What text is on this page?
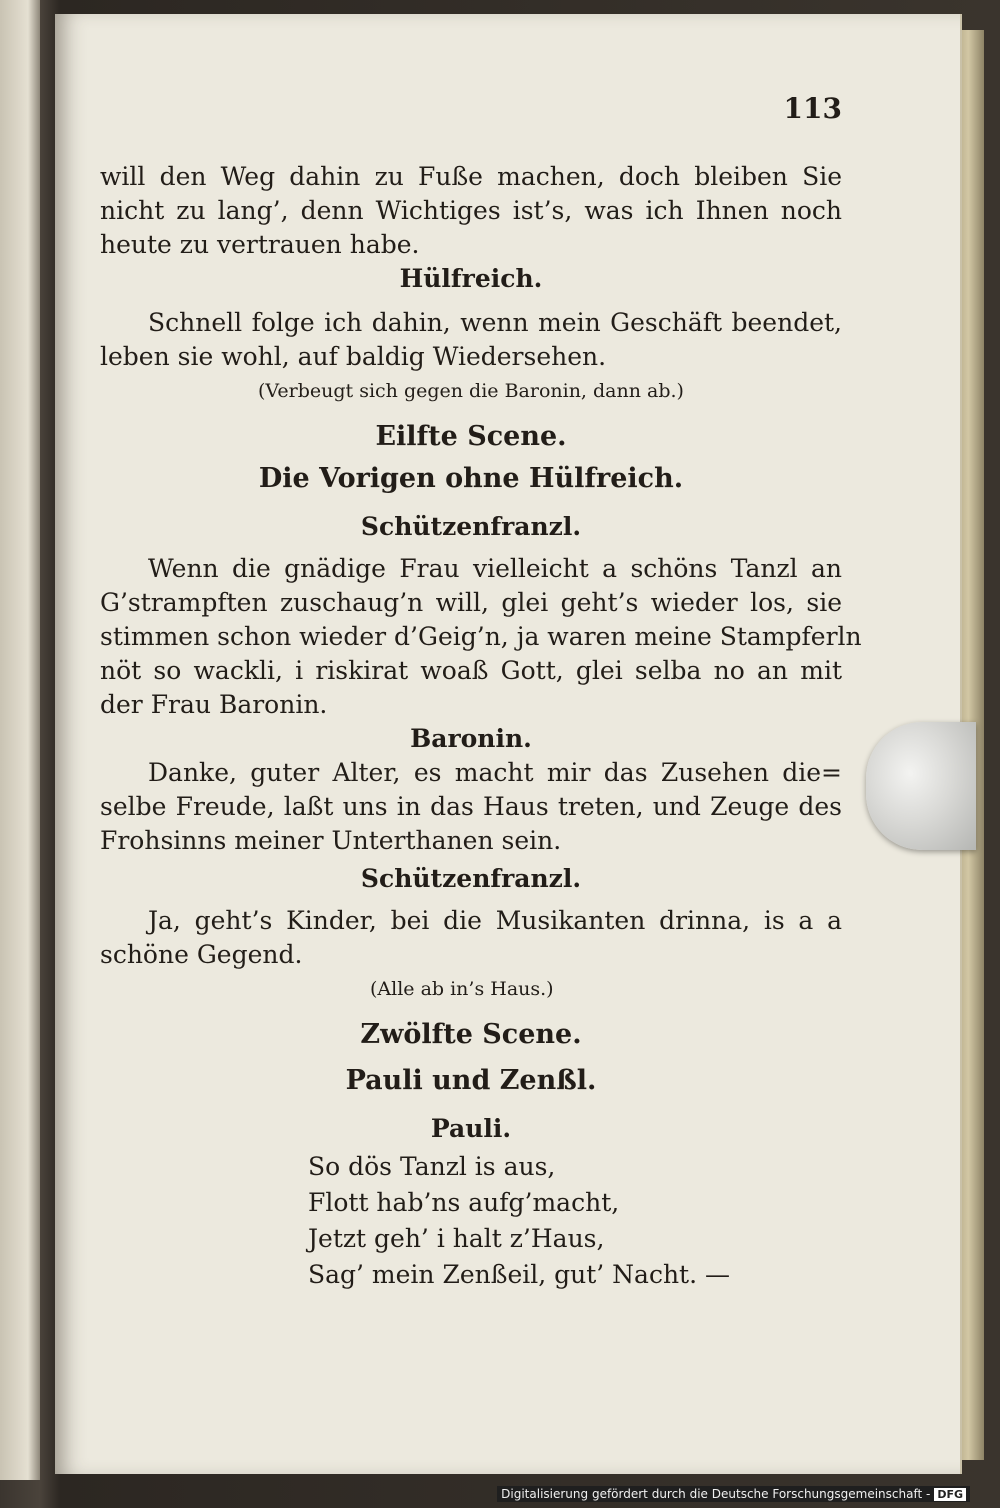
113
will den Weg dahin zu Fuße machen, doch bleiben Sie
nicht zu lang’, denn Wichtiges ist’s, was ich Ihnen noch
heute zu vertrauen habe.
Hülfreich.
Schnell folge ich dahin, wenn mein Geschäft beendet,
leben sie wohl, auf baldig Wiedersehen.
(Verbeugt sich gegen die Baronin, dann ab.)
Eilfte Scene.
Die Vorigen ohne Hülfreich.
Schützenfranzl.
Wenn die gnädige Frau vielleicht a schöns Tanzl an
G’strampften zuschaug’n will, glei geht’s wieder los, sie
stimmen schon wieder d’Geig’n, ja waren meine Stampferln
nöt so wackli, i riskirat woaß Gott, glei selba no an mit
der Frau Baronin.
Baronin.
Danke, guter Alter, es macht mir das Zusehen die=
selbe Freude, laßt uns in das Haus treten, und Zeuge des
Frohsinns meiner Unterthanen sein.
Schützenfranzl.
Ja, geht’s Kinder, bei die Musikanten drinna, is a a
schöne Gegend.
(Alle ab in’s Haus.)
Zwölfte Scene.
Pauli und Zenßl.
Pauli.
So dös Tanzl is aus,
Flott hab’ns aufg’macht,
Jetzt geh’ i halt z’Haus,
Sag’ mein Zenßeil, gut’ Nacht. —
Digitalisierung gefördert durch die Deutsche Forschungsgemeinschaft - DFG
